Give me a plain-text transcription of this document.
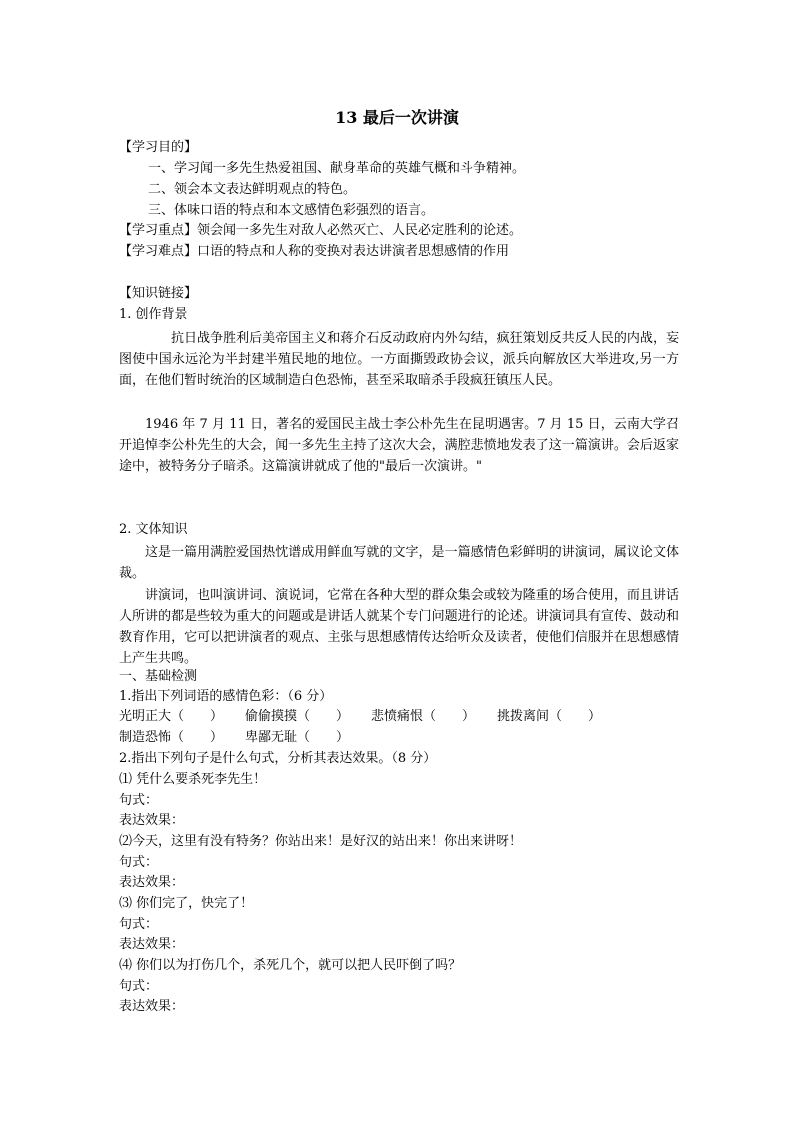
13 最后一次讲演
【学习目的】
一、学习闻一多先生热爱祖国、献身革命的英雄气概和斗争精神。
二、领会本文表达鲜明观点的特色。
三、体味口语的特点和本文感情色彩强烈的语言。
【学习重点】领会闻一多先生对敌人必然灭亡、人民必定胜利的论述。
【学习难点】口语的特点和人称的变换对表达讲演者思想感情的作用
【知识链接】
1. 创作背景
抗日战争胜利后美帝国主义和蒋介石反动政府内外勾结，疯狂策划反共反人民的内战，妄图使中国永远沦为半封建半殖民地的地位。一方面撕毁政协会议，派兵向解放区大举进攻,另一方面，在他们暂时统治的区域制造白色恐怖，甚至采取暗杀手段疯狂镇压人民。
1946 年 7 月 11 日，著名的爱国民主战士李公朴先生在昆明遇害。7 月 15 日，云南大学召开追悼李公朴先生的大会，闻一多先生主持了这次大会，满腔悲愤地发表了这一篇演讲。会后返家途中，被特务分子暗杀。这篇演讲就成了他的"最后一次演讲。"
2. 文体知识
这是一篇用满腔爱国热忱谱成用鲜血写就的文字，是一篇感情色彩鲜明的讲演词，属议论文体裁。
讲演词，也叫演讲词、演说词，它常在各种大型的群众集会或较为隆重的场合使用，而且讲话人所讲的都是些较为重大的问题或是讲话人就某个专门问题进行的论述。讲演词具有宣传、鼓动和教育作用，它可以把讲演者的观点、主张与思想感情传达给听众及读者，使他们信服并在思想感情上产生共鸣。
一、基础检测
1.指出下列词语的感情色彩：（6 分）
光明正大（　　） 偷偷摸摸（　　） 悲愤痛恨（　　） 挑拨离间（　　）
制造恐怖（　　） 卑鄙无耻（　　）
2.指出下列句子是什么句式，分析其表达效果。（8 分）
⑴ 凭什么要杀死李先生！
句式：
表达效果：
⑵今天，这里有没有特务？你站出来！是好汉的站出来！你出来讲呀！
句式：
表达效果：
⑶ 你们完了，快完了！
句式：
表达效果：
⑷ 你们以为打伤几个，杀死几个，就可以把人民吓倒了吗？
句式：
表达效果：
